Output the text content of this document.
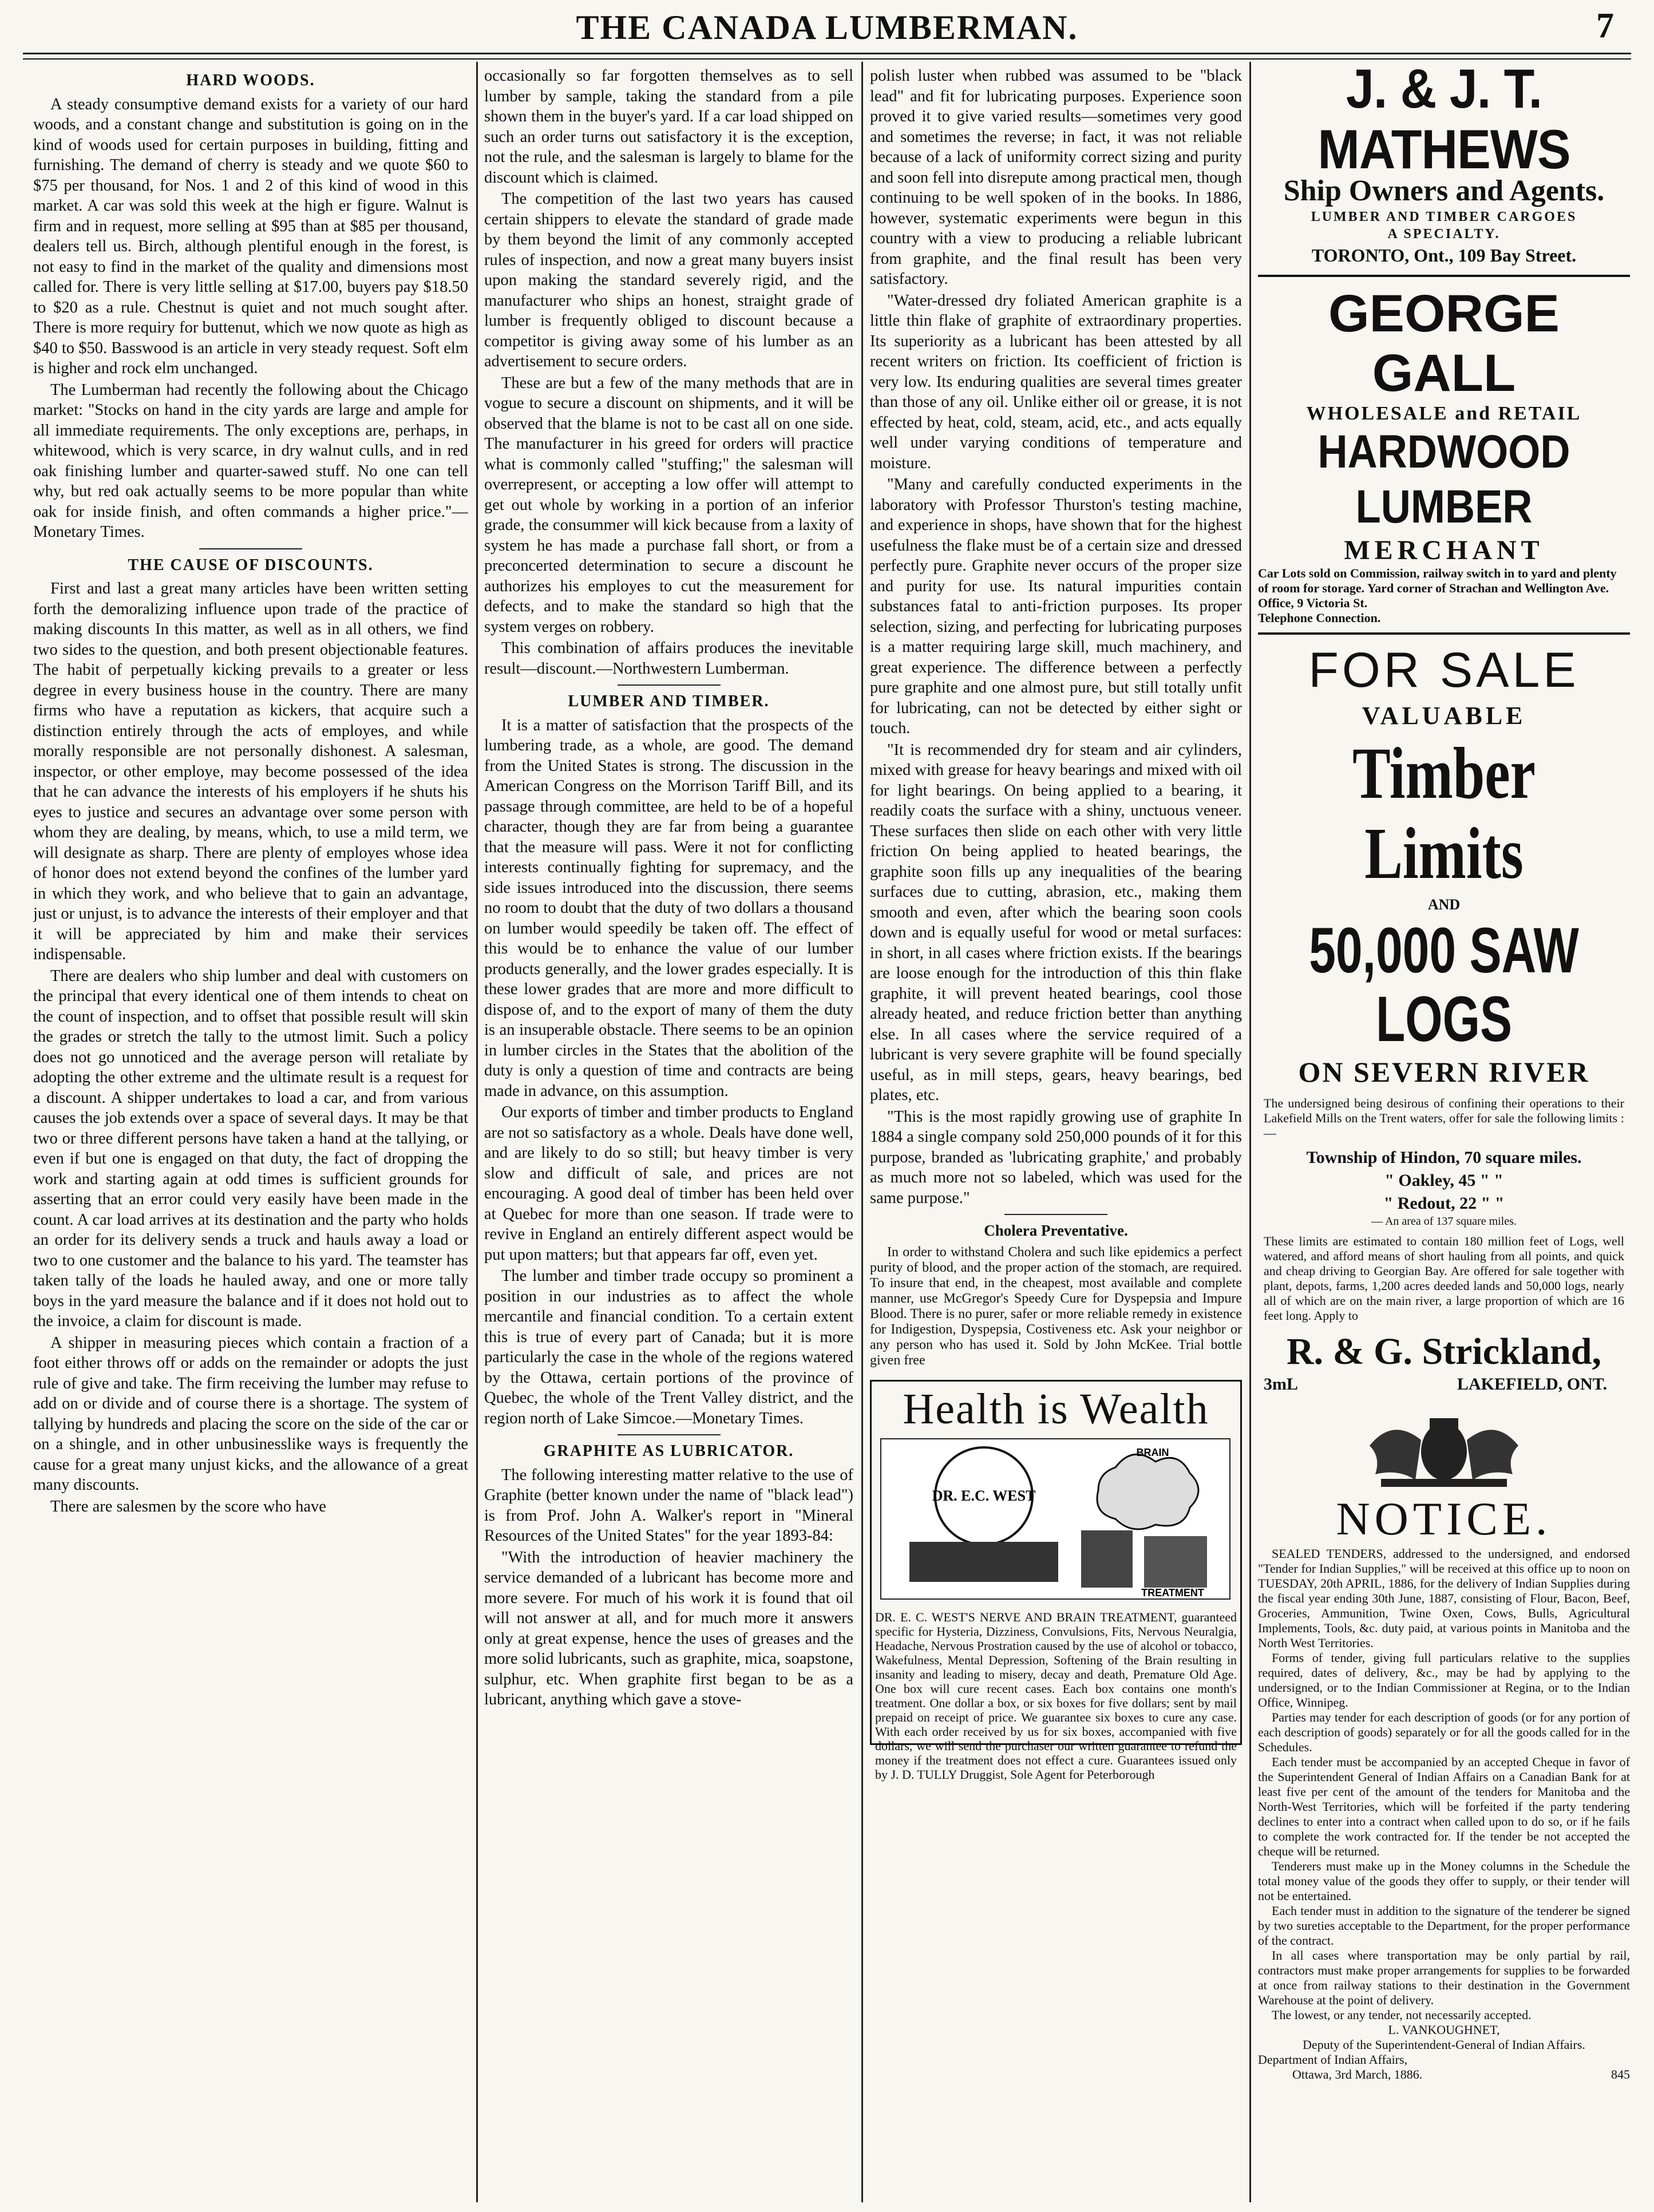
THE CANADA LUMBERMAN.	7
HARD WOODS.

A steady consumptive demand exists for a variety of our hard woods, and a constant change and substitution is going on in the kind of woods used for certain purposes in building, fitting and furnishing. The demand of cherry is steady and we quote $60 to $75 per thousand, for Nos. 1 and 2 of this kind of wood in this market. A car was sold this week at the high er figure. Walnut is firm and in request, more selling at $95 than at $85 per thousand, dealers tell us. Birch, although plentiful enough in the forest, is not easy to find in the market of the quality and dimensions most called for. There is very little selling at $17.00, buyers pay $18.50 to $20 as a rule. Chestnut is quiet and not much sought after. There is more requiry for buttenut, which we now quote as high as $40 to $50. Basswood is an article in very steady request. Soft elm is higher and rock elm unchanged.

The Lumberman had recently the following about the Chicago market: "Stocks on hand in the city yards are large and ample for all immediate requirements. The only exceptions are, perhaps, in whitewood, which is very scarce, in dry walnut culls, and in red oak finishing lumber and quarter-sawed stuff. No one can tell why, but red oak actually seems to be more popular than white oak for inside finish, and often commands a higher price."—Monetary Times.

THE CAUSE OF DISCOUNTS.

First and last a great many articles have been written setting forth the demoralizing influence upon trade of the practice of making discounts In this matter, as well as in all others, we find two sides to the question, and both present objectionable features. The habit of perpetually kicking prevails to a greater or less degree in every business house in the country. There are many firms who have a reputation as kickers, that acquire such a distinction entirely through the acts of employes, and while morally responsible are not personally dishonest. A salesman, inspector, or other employe, may become possessed of the idea that he can advance the interests of his employers if he shuts his eyes to justice and secures an advantage over some person with whom they are dealing, by means, which, to use a mild term, we will designate as sharp. There are plenty of employes whose idea of honor does not extend beyond the confines of the lumber yard in which they work, and who believe that to gain an advantage, just or unjust, is to advance the interests of their employer and that it will be appreciated by him and make their services indispensable.

There are dealers who ship lumber and deal with customers on the principal that every identical one of them intends to cheat on the count of inspection, and to offset that possible result will skin the grades or stretch the tally to the utmost limit. Such a policy does not go unnoticed and the average person will retaliate by adopting the other extreme and the ultimate result is a request for a discount. A shipper undertakes to load a car, and from various causes the job extends over a space of several days. It may be that two or three different persons have taken a hand at the tallying, or even if but one is engaged on that duty, the fact of dropping the work and starting again at odd times is sufficient grounds for asserting that an error could very easily have been made in the count. A car load arrives at its destination and the party who holds an order for its delivery sends a truck and hauls away a load or two to one customer and the balance to his yard. The teamster has taken tally of the loads he hauled away, and one or more tally boys in the yard measure the balance and if it does not hold out to the invoice, a claim for discount is made.

A shipper in measuring pieces which contain a fraction of a foot either throws off or adds on the remainder or adopts the just rule of give and take. The firm receiving the lumber may refuse to add on or divide and of course there is a shortage. The system of tallying by hundreds and placing the score on the side of the car or on a shingle, and in other unbusinesslike ways is frequently the cause for a great many unjust kicks, and the allowance of a great many discounts.

There are salesmen by the score who have

occasionally so far forgotten themselves as to sell lumber by sample, taking the standard from a pile shown them in the buyer's yard. If a car load shipped on such an order turns out satisfactory it is the exception, not the rule, and the salesman is largely to blame for the discount which is claimed.

The competition of the last two years has caused certain shippers to elevate the standard of grade made by them beyond the limit of any commonly accepted rules of inspection, and now a great many buyers insist upon making the standard severely rigid, and the manufacturer who ships an honest, straight grade of lumber is frequently obliged to discount because a competitor is giving away some of his lumber as an advertisement to secure orders.

These are but a few of the many methods that are in vogue to secure a discount on shipments, and it will be observed that the blame is not to be cast all on one side. The manufacturer in his greed for orders will practice what is commonly called "stuffing;" the salesman will overrepresent, or accepting a low offer will attempt to get out whole by working in a portion of an inferior grade, the consummer will kick because from a laxity of system he has made a purchase fall short, or from a preconcerted determination to secure a discount he authorizes his employes to cut the measurement for defects, and to make the standard so high that the system verges on robbery.

This combination of affairs produces the inevitable result—discount.—Northwestern Lumberman.

LUMBER AND TIMBER.

It is a matter of satisfaction that the prospects of the lumbering trade, as a whole, are good. The demand from the United States is strong. The discussion in the American Congress on the Morrison Tariff Bill, and its passage through committee, are held to be of a hopeful character, though they are far from being a guarantee that the measure will pass. Were it not for conflicting interests continually fighting for supremacy, and the side issues introduced into the discussion, there seems no room to doubt that the duty of two dollars a thousand on lumber would speedily be taken off. The effect of this would be to enhance the value of our lumber products generally, and the lower grades especially. It is these lower grades that are more and more difficult to dispose of, and to the export of many of them the duty is an insuperable obstacle. There seems to be an opinion in lumber circles in the States that the abolition of the duty is only a question of time and contracts are being made in advance, on this assumption.

Our exports of timber and timber products to England are not so satisfactory as a whole. Deals have done well, and are likely to do so still; but heavy timber is very slow and difficult of sale, and prices are not encouraging. A good deal of timber has been held over at Quebec for more than one season. If trade were to revive in England an entirely different aspect would be put upon matters; but that appears far off, even yet.

The lumber and timber trade occupy so prominent a position in our industries as to affect the whole mercantile and financial condition. To a certain extent this is true of every part of Canada; but it is more particularly the case in the whole of the regions watered by the Ottawa, certain portions of the province of Quebec, the whole of the Trent Valley district, and the region north of Lake Simcoe.—Monetary Times.

GRAPHITE AS LUBRICATOR.

The following interesting matter relative to the use of Graphite (better known under the name of "black lead") is from Prof. John A. Walker's report in "Mineral Resources of the United States" for the year 1893-84:

"With the introduction of heavier machinery the service demanded of a lubricant has become more and more severe. For much of his work it is found that oil will not answer at all, and for much more it answers only at great expense, hence the uses of greases and the more solid lubricants, such as graphite, mica, soapstone, sulphur, etc. When graphite first began to be as a lubricant, anything which gave a stove-

polish luster when rubbed was assumed to be "black lead" and fit for lubricating purposes. Experience soon proved it to give varied results—sometimes very good and sometimes the reverse; in fact, it was not reliable because of a lack of uniformity correct sizing and purity and soon fell into disrepute among practical men, though continuing to be well spoken of in the books. In 1886, however, systematic experiments were begun in this country with a view to producing a reliable lubricant from graphite, and the final result has been very satisfactory.

"Water-dressed dry foliated American graphite is a little thin flake of graphite of extraordinary properties. Its superiority as a lubricant has been attested by all recent writers on friction. Its coefficient of friction is very low. Its enduring qualities are several times greater than those of any oil. Unlike either oil or grease, it is not effected by heat, cold, steam, acid, etc., and acts equally well under varying conditions of temperature and moisture.

"Many and carefully conducted experiments in the laboratory with Professor Thurston's testing machine, and experience in shops, have shown that for the highest usefulness the flake must be of a certain size and dressed perfectly pure. Graphite never occurs of the proper size and purity for use. Its natural impurities contain substances fatal to anti-friction purposes. Its proper selection, sizing, and perfecting for lubricating purposes is a matter requiring large skill, much machinery, and great experience. The difference between a perfectly pure graphite and one almost pure, but still totally unfit for lubricating, can not be detected by either sight or touch.

"It is recommended dry for steam and air cylinders, mixed with grease for heavy bearings and mixed with oil for light bearings. On being applied to a bearing, it readily coats the surface with a shiny, unctuous veneer. These surfaces then slide on each other with very little friction On being applied to heated bearings, the graphite soon fills up any inequalities of the bearing surfaces due to cutting, abrasion, etc., making them smooth and even, after which the bearing soon cools down and is equally useful for wood or metal surfaces: in short, in all cases where friction exists. If the bearings are loose enough for the introduction of this thin flake graphite, it will prevent heated bearings, cool those already heated, and reduce friction better than anything else. In all cases where the service required of a lubricant is very severe graphite will be found specially useful, as in mill steps, gears, heavy bearings, bed plates, etc.

"This is the most rapidly growing use of graphite In 1884 a single company sold 250,000 pounds of it for this purpose, branded as 'lubricating graphite,' and probably as much more not so labeled, which was used for the same purpose."

Cholera Preventative.

In order to withstand Cholera and such like epidemics a perfect purity of blood, and the proper action of the stomach, are required. To insure that end, in the cheapest, most available and complete manner, use McGregor's Speedy Cure for Dyspepsia and Impure Blood. There is no purer, safer or more reliable remedy in existence for Indigestion, Dyspepsia, Costiveness etc. Ask your neighbor or any person who has used it. Sold by John McKee. Trial bottle given free

Health is Wealth
DR. E.C. WEST
BRAIN
TREATMENT
DR. E. C. WEST'S NERVE AND BRAIN TREATMENT, guaranteed specific for Hysteria, Dizziness, Convulsions, Fits, Nervous Neuralgia, Headache, Nervous Prostration caused by the use of alcohol or tobacco, Wakefulness, Mental Depression, Softening of the Brain resulting in insanity and leading to misery, decay and death, Premature Old Age. One box will cure recent cases. Each box contains one month's treatment. One dollar a box, or six boxes for five dollars; sent by mail prepaid on receipt of price. We guarantee six boxes to cure any case. With each order received by us for six boxes, accompanied with five dollars, we will send the purchaser our written guarantee to refund the money if the treatment does not effect a cure. Guarantees issued only by J. D. TULLY Druggist, Sole Agent for Peterborough
J. & J. T. MATHEWS
Ship Owners and Agents.
LUMBER AND TIMBER CARGOES
A SPECIALTY.
TORONTO, Ont., 109 Bay Street.
GEORGE GALL
WHOLESALE and RETAIL
HARDWOOD LUMBER
MERCHANT
Car Lots sold on Commission, railway switch in to yard and plenty of room for storage. Yard corner of Strachan and Wellington Ave. Office, 9 Victoria St.
Telephone Connection.
FOR SALE
VALUABLE
Timber Limits
AND
50,000 SAW LOGS
ON SEVERN RIVER
The undersigned being desirous of confining their operations to their Lakefield Mills on the Trent waters, offer for sale the following limits :—
Township of Hindon, 70 square miles.
" Oakley, 45 " "
" Redout, 22 " "
— An area of 137 square miles.
These limits are estimated to contain 180 million feet of Logs, well watered, and afford means of short hauling from all points, and quick and cheap driving to Georgian Bay. Are offered for sale together with plant, depots, farms, 1,200 acres deeded lands and 50,000 logs, nearly all of which are on the main river, a large proportion of which are 16 feet long. Apply to
R. & G. Strickland,
3mL	LAKEFIELD, ONT.
NOTICE.

SEALED TENDERS, addressed to the undersigned, and endorsed "Tender for Indian Supplies," will be received at this office up to noon on TUESDAY, 20th APRIL, 1886, for the delivery of Indian Supplies during the fiscal year ending 30th June, 1887, consisting of Flour, Bacon, Beef, Groceries, Ammunition, Twine Oxen, Cows, Bulls, Agricultural Implements, Tools, &c. duty paid, at various points in Manitoba and the North West Territories.

Forms of tender, giving full particulars relative to the supplies required, dates of delivery, &c., may be had by applying to the undersigned, or to the Indian Commissioner at Regina, or to the Indian Office, Winnipeg.

Parties may tender for each description of goods (or for any portion of each description of goods) separately or for all the goods called for in the Schedules.

Each tender must be accompanied by an accepted Cheque in favor of the Superintendent General of Indian Affairs on a Canadian Bank for at least five per cent of the amount of the tenders for Manitoba and the North-West Territories, which will be forfeited if the party tendering declines to enter into a contract when called upon to do so, or if he fails to complete the work contracted for. If the tender be not accepted the cheque will be returned.

Tenderers must make up in the Money columns in the Schedule the total money value of the goods they offer to supply, or their tender will not be entertained.

Each tender must in addition to the signature of the tenderer be signed by two sureties acceptable to the Department, for the proper performance of the contract.

In all cases where transportation may be only partial by rail, contractors must make proper arrangements for supplies to be forwarded at once from railway stations to their destination in the Government Warehouse at the point of delivery.

The lowest, or any tender, not necessarily accepted.

L. VANKOUGHNET,
Deputy of the Superintendent-General of Indian Affairs.
Department of Indian Affairs,
Ottawa, 3rd March, 1886.	845
